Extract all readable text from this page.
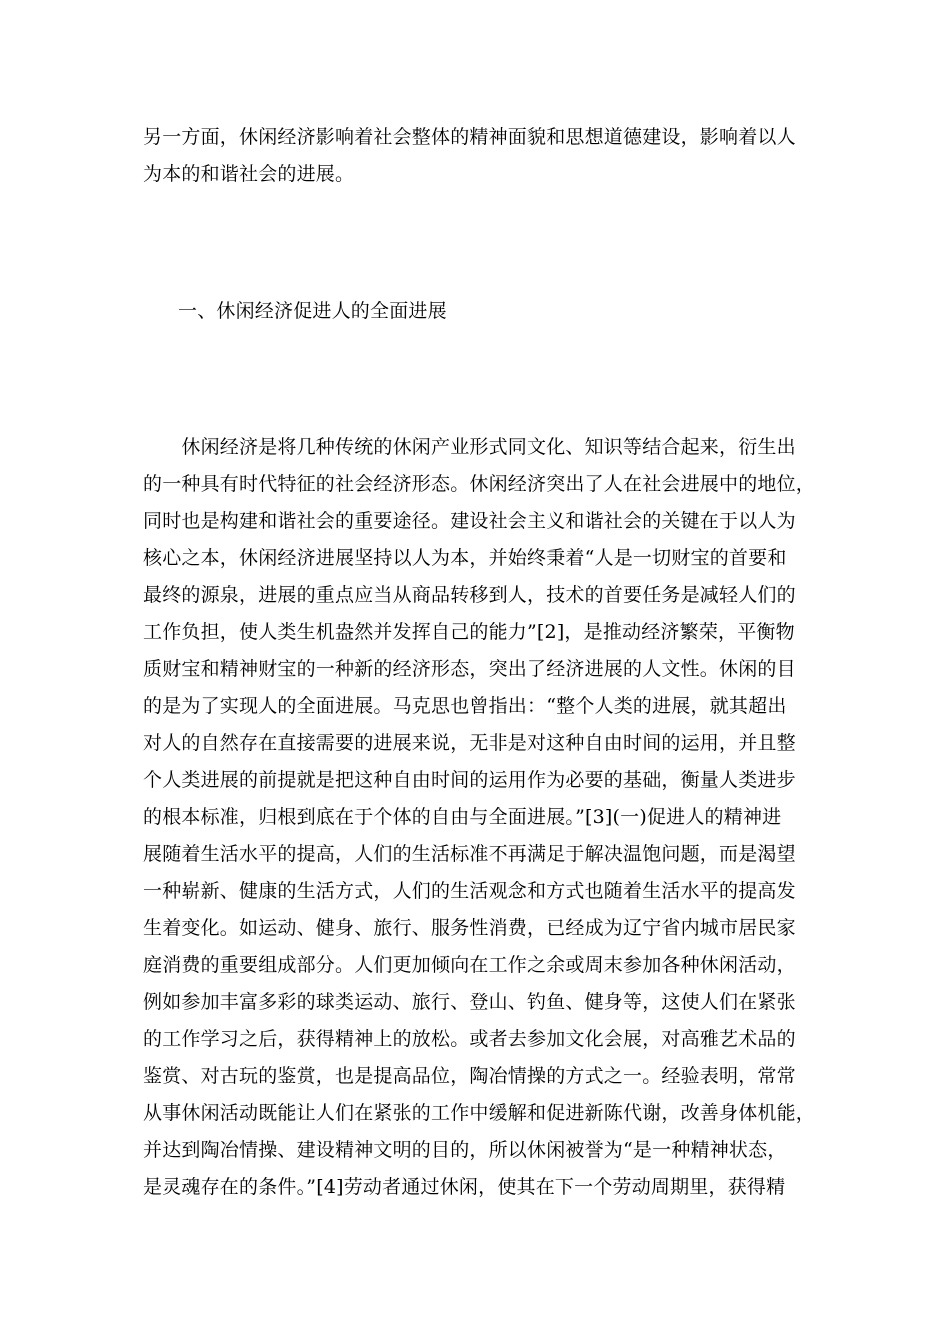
另一方面，休闲经济影响着社会整体的精神面貌和思想道德建设，影响着以人
为本的和谐社会的进展。
一、休闲经济促进人的全面进展
　　休闲经济是将几种传统的休闲产业形式同文化、知识等结合起来，衍生出
的一种具有时代特征的社会经济形态。休闲经济突出了人在社会进展中的地位，
同时也是构建和谐社会的重要途径。建设社会主义和谐社会的关键在于以人为
核心之本，休闲经济进展坚持以人为本，并始终秉着“人是一切财宝的首要和
最终的源泉，进展的重点应当从商品转移到人，技术的首要任务是减轻人们的
工作负担，使人类生机盎然并发挥自己的能力”[2]，是推动经济繁荣，平衡物
质财宝和精神财宝的一种新的经济形态，突出了经济进展的人文性。休闲的目
的是为了实现人的全面进展。马克思也曾指出：“整个人类的进展，就其超出
对人的自然存在直接需要的进展来说，无非是对这种自由时间的运用，并且整
个人类进展的前提就是把这种自由时间的运用作为必要的基础，衡量人类进步
的根本标准，归根到底在于个体的自由与全面进展。”[3](一)促进人的精神进
展随着生活水平的提高，人们的生活标准不再满足于解决温饱问题，而是渴望
一种崭新、健康的生活方式，人们的生活观念和方式也随着生活水平的提高发
生着变化。如运动、健身、旅行、服务性消费，已经成为辽宁省内城市居民家
庭消费的重要组成部分。人们更加倾向在工作之余或周末参加各种休闲活动，
例如参加丰富多彩的球类运动、旅行、登山、钓鱼、健身等，这使人们在紧张
的工作学习之后，获得精神上的放松。或者去参加文化会展，对高雅艺术品的
鉴赏、对古玩的鉴赏，也是提高品位，陶冶情操的方式之一。经验表明，常常
从事休闲活动既能让人们在紧张的工作中缓解和促进新陈代谢，改善身体机能，
并达到陶冶情操、建设精神文明的目的，所以休闲被誉为“是一种精神状态，
是灵魂存在的条件。”[4]劳动者通过休闲，使其在下一个劳动周期里，获得精
